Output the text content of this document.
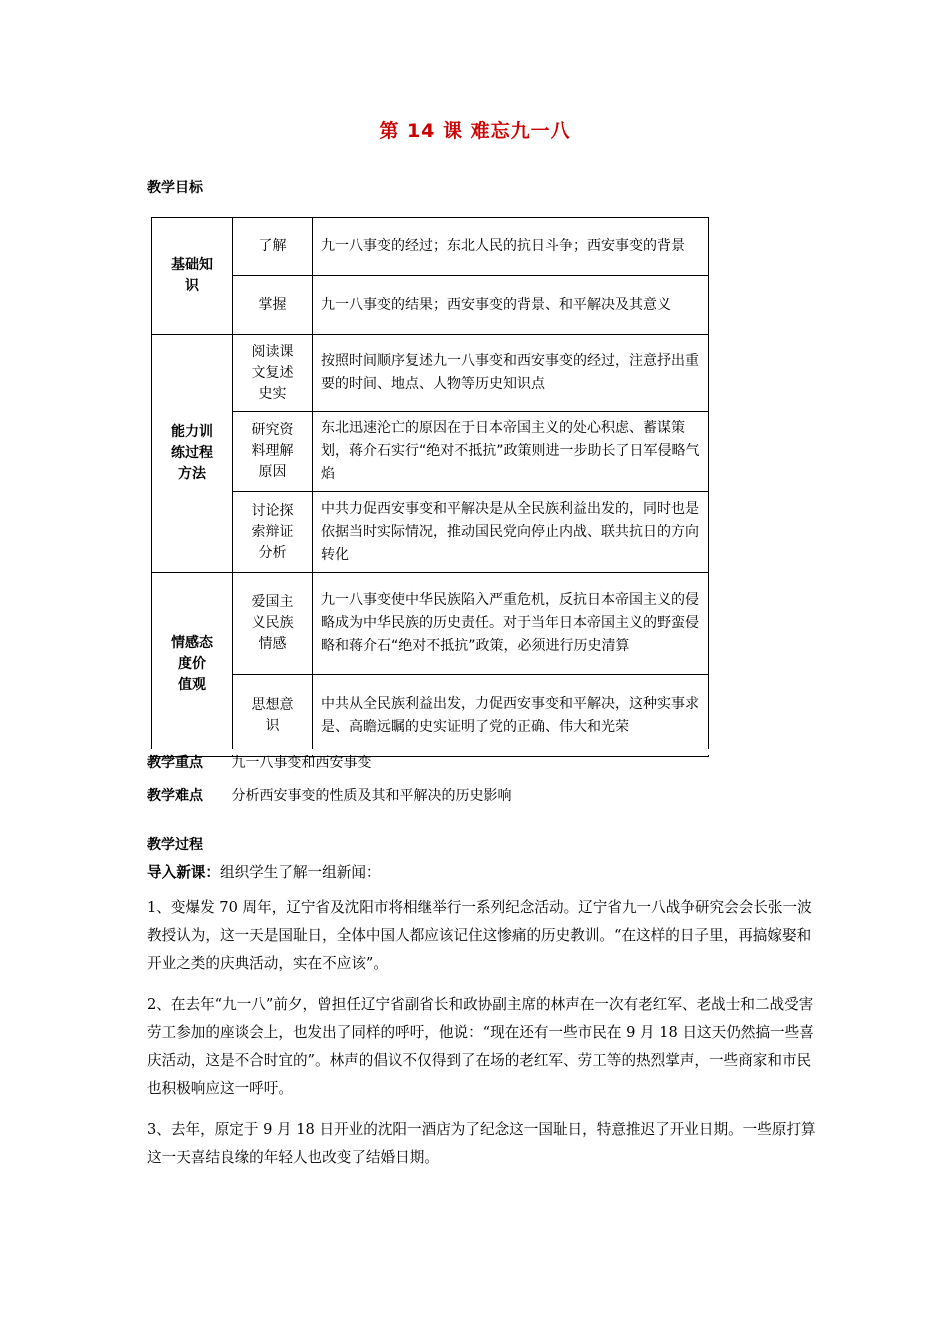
第 14 课 难忘九一八
教学目标
基础知识	了解	九一八事变的经过；东北人民的抗日斗争；西安事变的背景
	掌握	九一八事变的结果；西安事变的背景、和平解决及其意义
能力训练过程方法	阅读课文复述史实	按照时间顺序复述九一八事变和西安事变的经过，注意抒出重要的时间、地点、人物等历史知识点
	研究资料理解原因	东北迅速沦亡的原因在于日本帝国主义的处心积虑、蓄谋策划，蒋介石实行“绝对不抵抗”政策则进一步助长了日军侵略气焰
	讨论探索辩证分析	中共力促西安事变和平解决是从全民族利益出发的，同时也是依据当时实际情况，推动国民党向停止内战、联共抗日的方向转化
情感态度价 值观	爱国主义民族情感	九一八事变使中华民族陷入严重危机，反抗日本帝国主义的侵略成为中华民族的历史责任。对于当年日本帝国主义的野蛮侵略和蒋介石“绝对不抵抗”政策，必须进行历史清算
	思想意识	中共从全民族利益出发，力促西安事变和平解决，这种实事求是、高瞻远瞩的史实证明了党的正确、伟大和光荣
教学重点 九一八事变和西安事变
教学难点 分析西安事变的性质及其和平解决的历史影响
教学过程
导入新课：组织学生了解一组新闻：
1、变爆发 70 周年，辽宁省及沈阳市将相继举行一系列纪念活动。辽宁省九一八战争研究会会长张一波教授认为，这一天是国耻日，全体中国人都应该记住这惨痛的历史教训。“在这样的日子里，再搞嫁娶和开业之类的庆典活动，实在不应该”。
2、在去年“九一八”前夕，曾担任辽宁省副省长和政协副主席的林声在一次有老红军、老战士和二战受害劳工参加的座谈会上，也发出了同样的呼吁，他说：“现在还有一些市民在 9 月 18 日这天仍然搞一些喜庆活动，这是不合时宜的”。林声的倡议不仅得到了在场的老红军、劳工等的热烈掌声，一些商家和市民也积极响应这一呼吁。
3、去年，原定于 9 月 18 日开业的沈阳一酒店为了纪念这一国耻日，特意推迟了开业日期。一些原打算这一天喜结良缘的年轻人也改变了结婚日期。
